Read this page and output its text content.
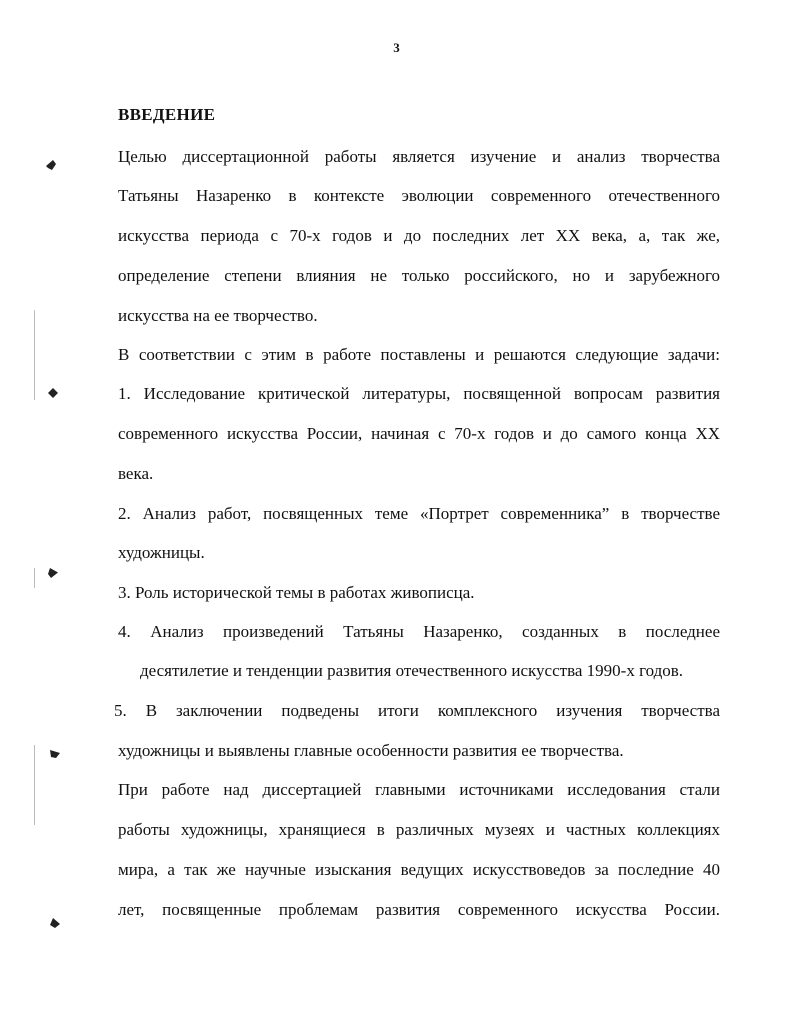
3
ВВЕДЕНИЕ
Целью диссертационной работы является изучение и анализ творчества
Татьяны Назаренко в контексте эволюции современного отечественного
искусства периода с 70-х годов и до последних лет XX века, а, так же,
определение степени влияния не только российского, но и зарубежного
искусства на ее творчество.
В соответствии с этим в работе поставлены и решаются следующие задачи:
1. Исследование критической литературы, посвященной вопросам развития
современного искусства России, начиная с 70-х годов и до самого конца XX
века.
2. Анализ работ, посвященных теме «Портрет современника” в творчестве
художницы.
3. Роль исторической темы в работах живописца.
4. Анализ произведений Татьяны Назаренко, созданных в последнее
десятилетие и тенденции развития отечественного искусства 1990-х годов.
5. В заключении подведены итоги комплексного изучения творчества
художницы и выявлены главные особенности развития ее творчества.
При работе над диссертацией главными источниками исследования стали
работы художницы, хранящиеся в различных музеях и частных коллекциях
мира, а так же научные изыскания ведущих искусствоведов за последние 40
лет, посвященные проблемам развития современного искусства России.
